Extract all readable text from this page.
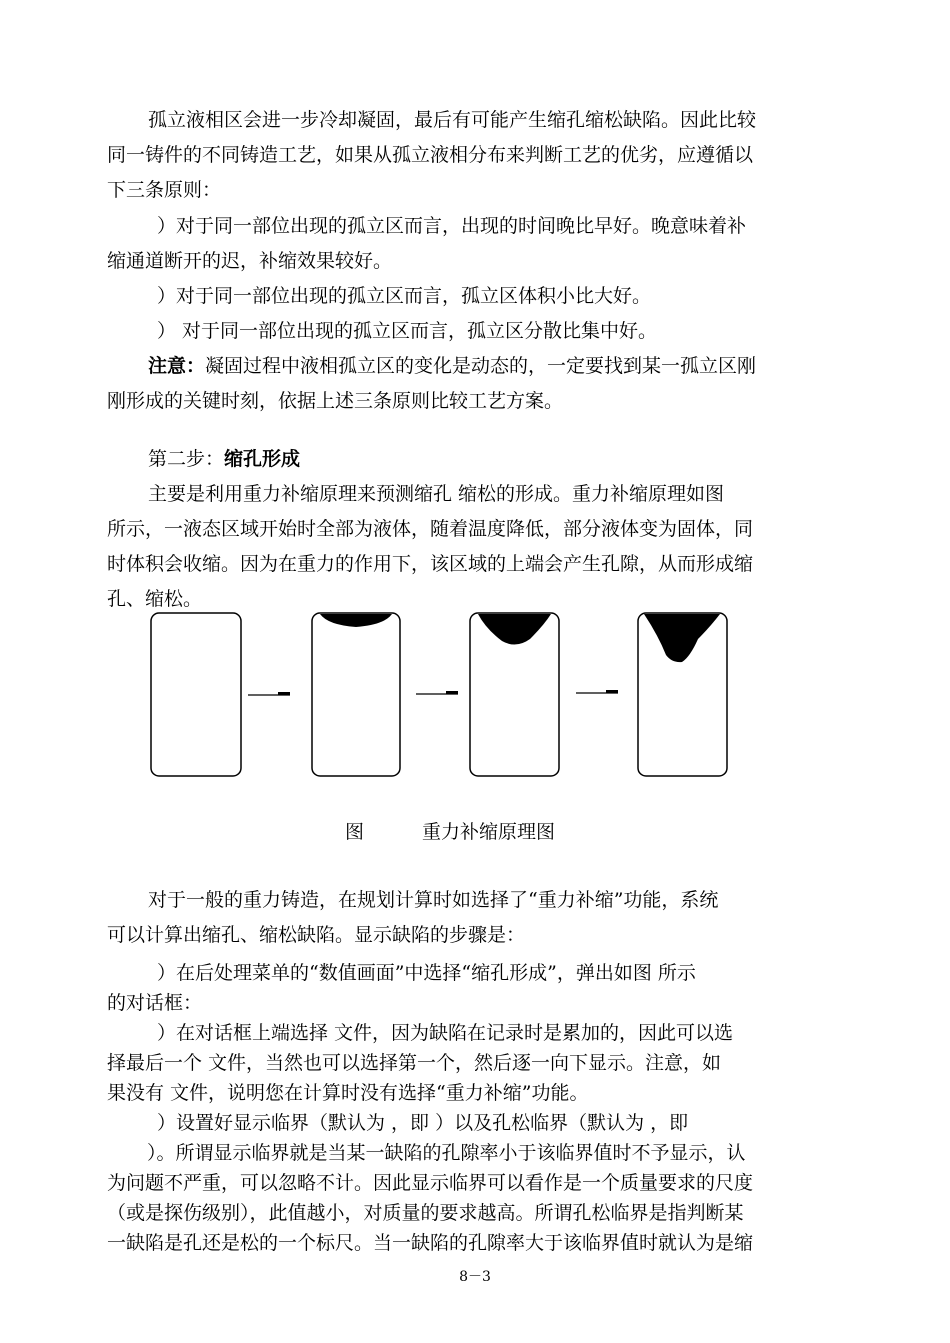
孤立液相区会进一步冷却凝固，最后有可能产生缩孔缩松缺陷。因此比较
同一铸件的不同铸造工艺，如果从孤立液相分布来判断工艺的优劣，应遵循以
下三条原则：
）对于同一部位出现的孤立区而言，出现的时间晚比早好。晚意味着补
缩通道断开的迟，补缩效果较好。
）对于同一部位出现的孤立区而言，孤立区体积小比大好。
） 对于同一部位出现的孤立区而言，孤立区分散比集中好。
注意：凝固过程中液相孤立区的变化是动态的，一定要找到某一孤立区刚
刚形成的关键时刻，依据上述三条原则比较工艺方案。
第二步：缩孔形成
主要是利用重力补缩原理来预测缩孔 缩松的形成。重力补缩原理如图
所示，一液态区域开始时全部为液体，随着温度降低，部分液体变为固体，同
时体积会收缩。因为在重力的作用下，该区域的上端会产生孔隙，从而形成缩
孔、缩松。
图	重力补缩原理图
对于一般的重力铸造，在规划计算时如选择了“重力补缩”功能，系统
可以计算出缩孔、缩松缺陷。显示缺陷的步骤是：
）在后处理菜单的“数值画面”中选择“缩孔形成”，弹出如图 所示
的对话框：
）在对话框上端选择 文件，因为缺陷在记录时是累加的，因此可以选
择最后一个 文件，当然也可以选择第一个，然后逐一向下显示。注意，如
果没有 文件，说明您在计算时没有选择“重力补缩”功能。
）设置好显示临界（默认为 ，即 ）以及孔松临界（默认为 ，即
）。所谓显示临界就是当某一缺陷的孔隙率小于该临界值时不予显示，认
为问题不严重，可以忽略不计。因此显示临界可以看作是一个质量要求的尺度
（或是探伤级别），此值越小，对质量的要求越高。所谓孔松临界是指判断某
一缺陷是孔还是松的一个标尺。当一缺陷的孔隙率大于该临界值时就认为是缩
8－3
